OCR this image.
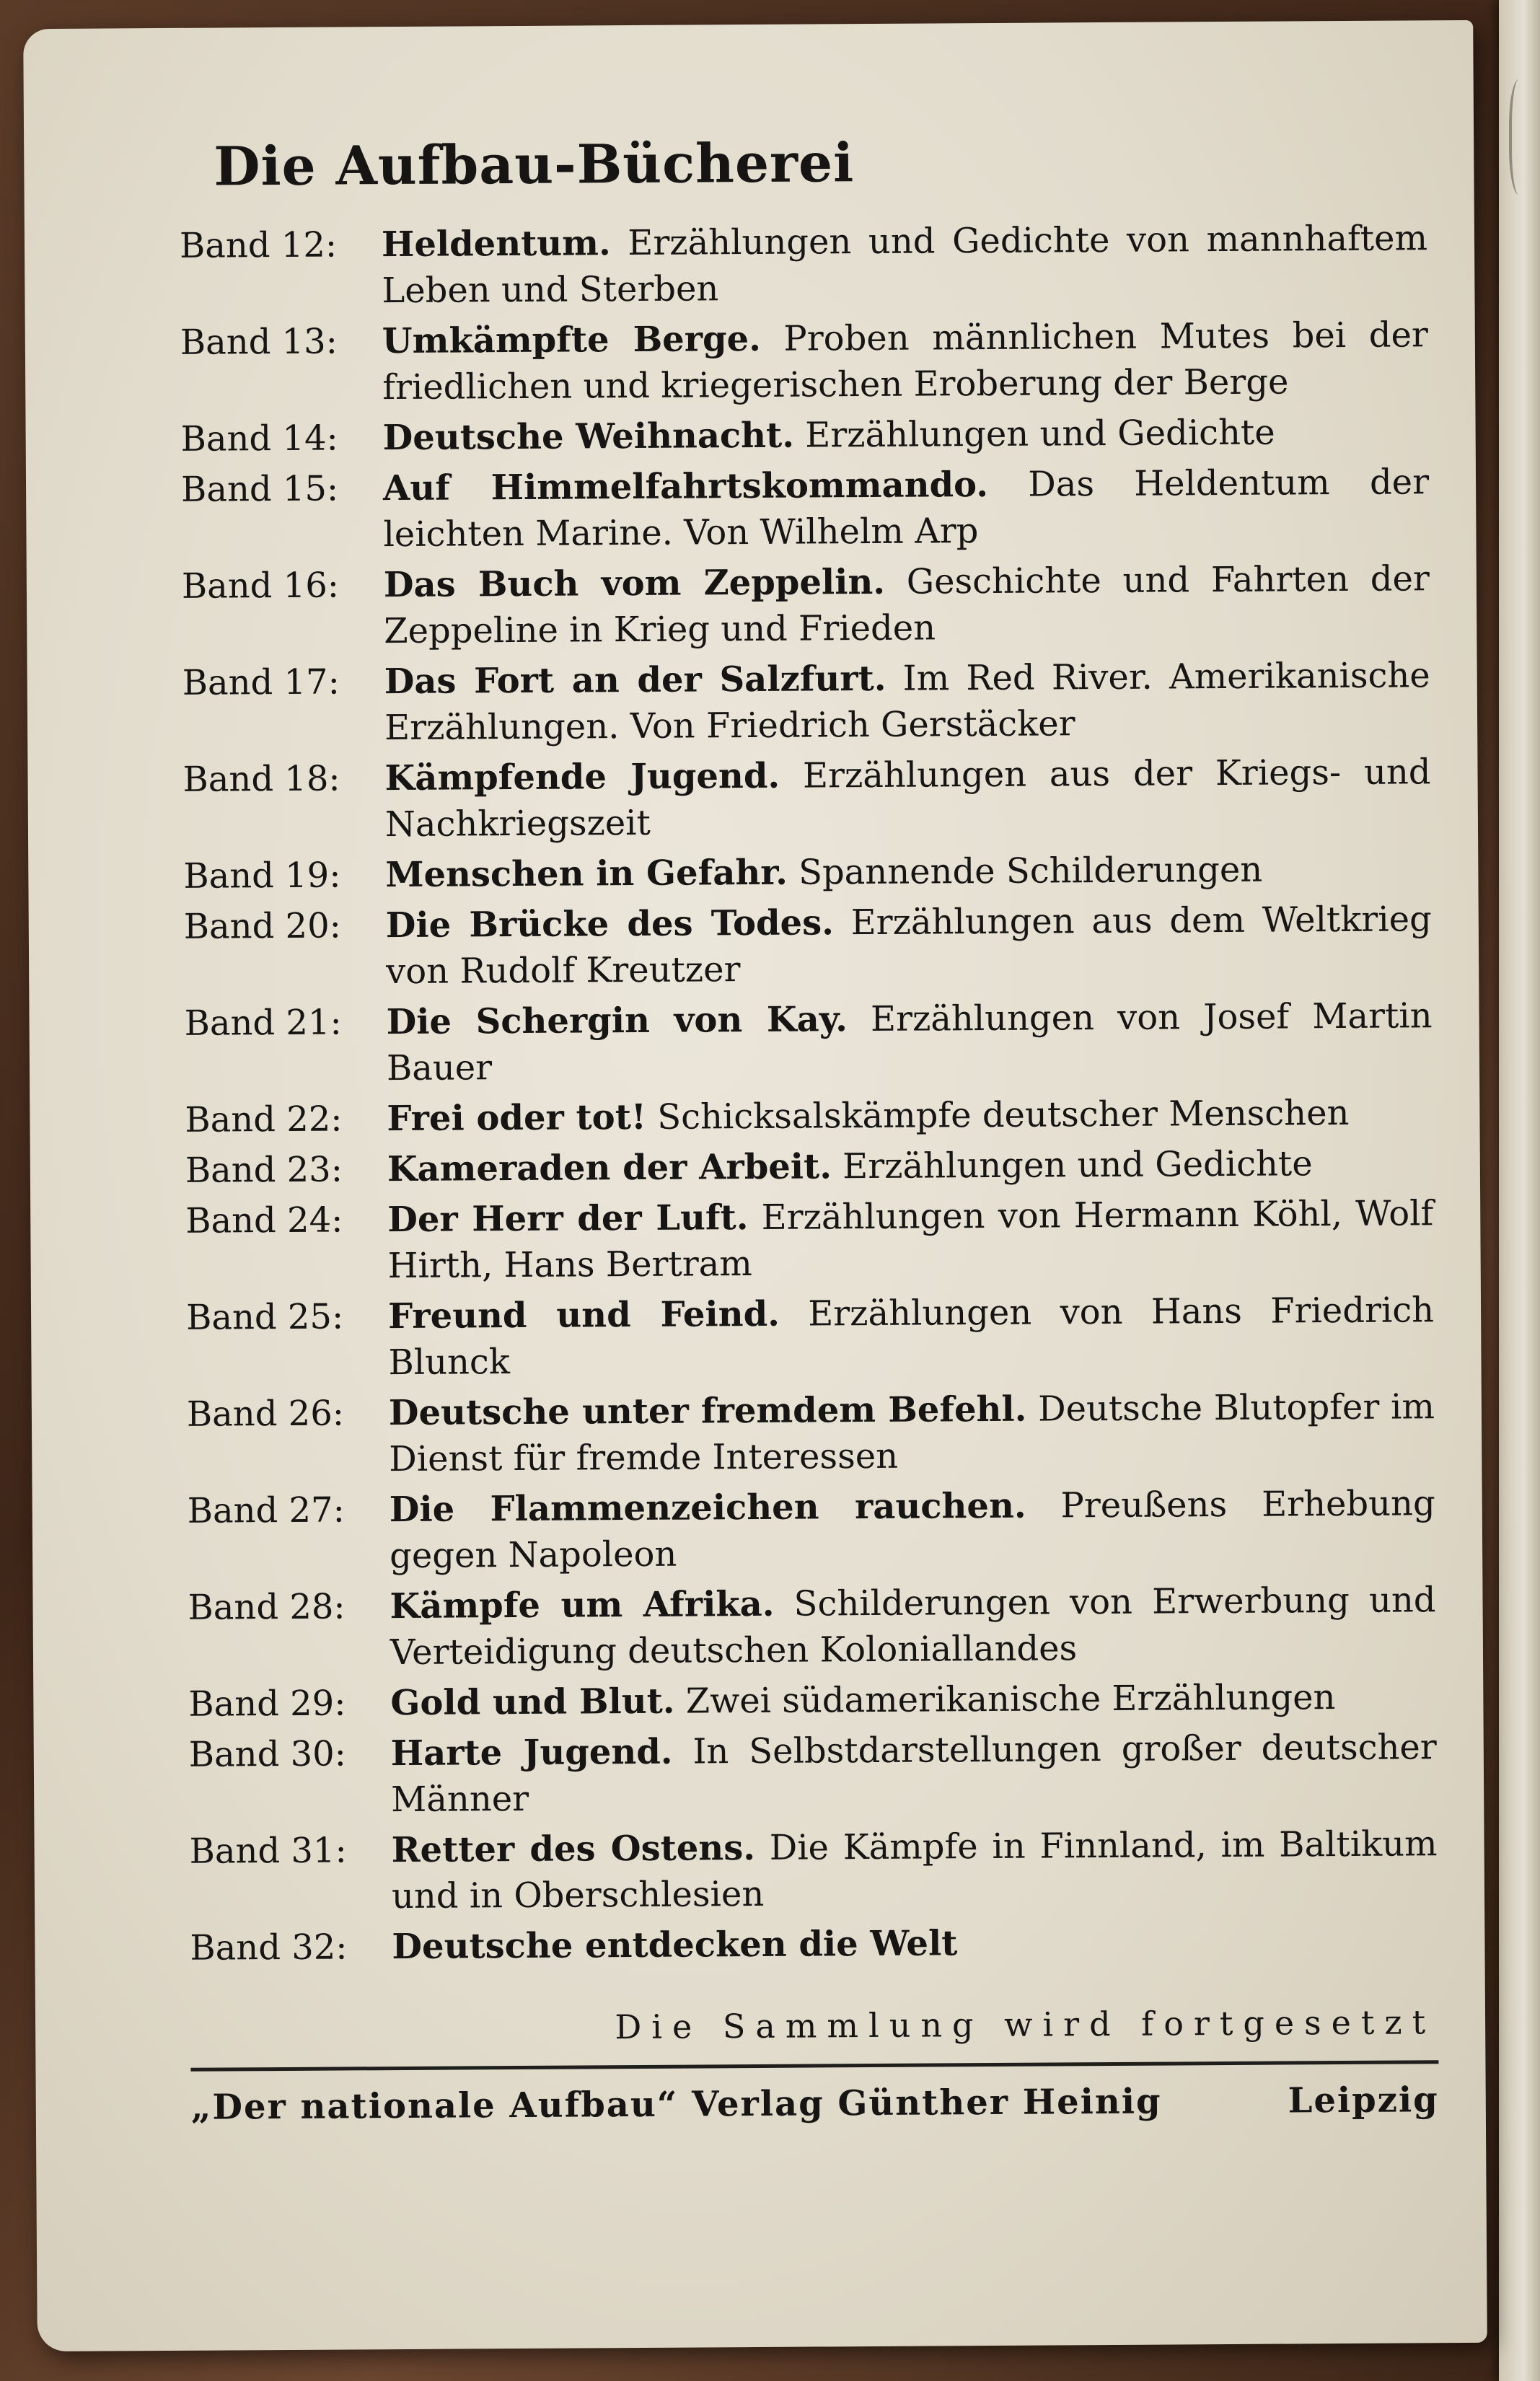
Die Aufbau-Bücherei
Band 12:	Heldentum. Erzählungen und Gedichte von mannhaftem Leben und Sterben
Band 13:	Umkämpfte Berge. Proben männlichen Mutes bei der friedlichen und kriegerischen Eroberung der Berge
Band 14:	Deutsche Weihnacht. Erzählungen und Gedichte
Band 15:	Auf Himmelfahrtskommando. Das Heldentum der leichten Marine. Von Wilhelm Arp
Band 16:	Das Buch vom Zeppelin. Geschichte und Fahrten der Zeppeline in Krieg und Frieden
Band 17:	Das Fort an der Salzfurt. Im Red River. Amerikanische Erzählungen. Von Friedrich Gerstäcker
Band 18:	Kämpfende Jugend. Erzählungen aus der Kriegs- und Nachkriegszeit
Band 19:	Menschen in Gefahr. Spannende Schilderungen
Band 20:	Die Brücke des Todes. Erzählungen aus dem Weltkrieg von Rudolf Kreutzer
Band 21:	Die Schergin von Kay. Erzählungen von Josef Martin Bauer
Band 22:	Frei oder tot! Schicksalskämpfe deutscher Menschen
Band 23:	Kameraden der Arbeit. Erzählungen und Gedichte
Band 24:	Der Herr der Luft. Erzählungen von Hermann Köhl, Wolf Hirth, Hans Bertram
Band 25:	Freund und Feind. Erzählungen von Hans Friedrich Blunck
Band 26:	Deutsche unter fremdem Befehl. Deutsche Blutopfer im Dienst für fremde Interessen
Band 27:	Die Flammenzeichen rauchen. Preußens Erhebung gegen Napoleon
Band 28:	Kämpfe um Afrika. Schilderungen von Erwerbung und Verteidigung deutschen Koloniallandes
Band 29:	Gold und Blut. Zwei südamerikanische Erzählungen
Band 30:	Harte Jugend. In Selbstdarstellungen großer deutscher Männer
Band 31:	Retter des Ostens. Die Kämpfe in Finnland, im Baltikum und in Oberschlesien
Band 32:	Deutsche entdecken die Welt
Die Sammlung wird fortgesetzt
„Der nationale Aufbau“ Verlag Günther Heinig	Leipzig
